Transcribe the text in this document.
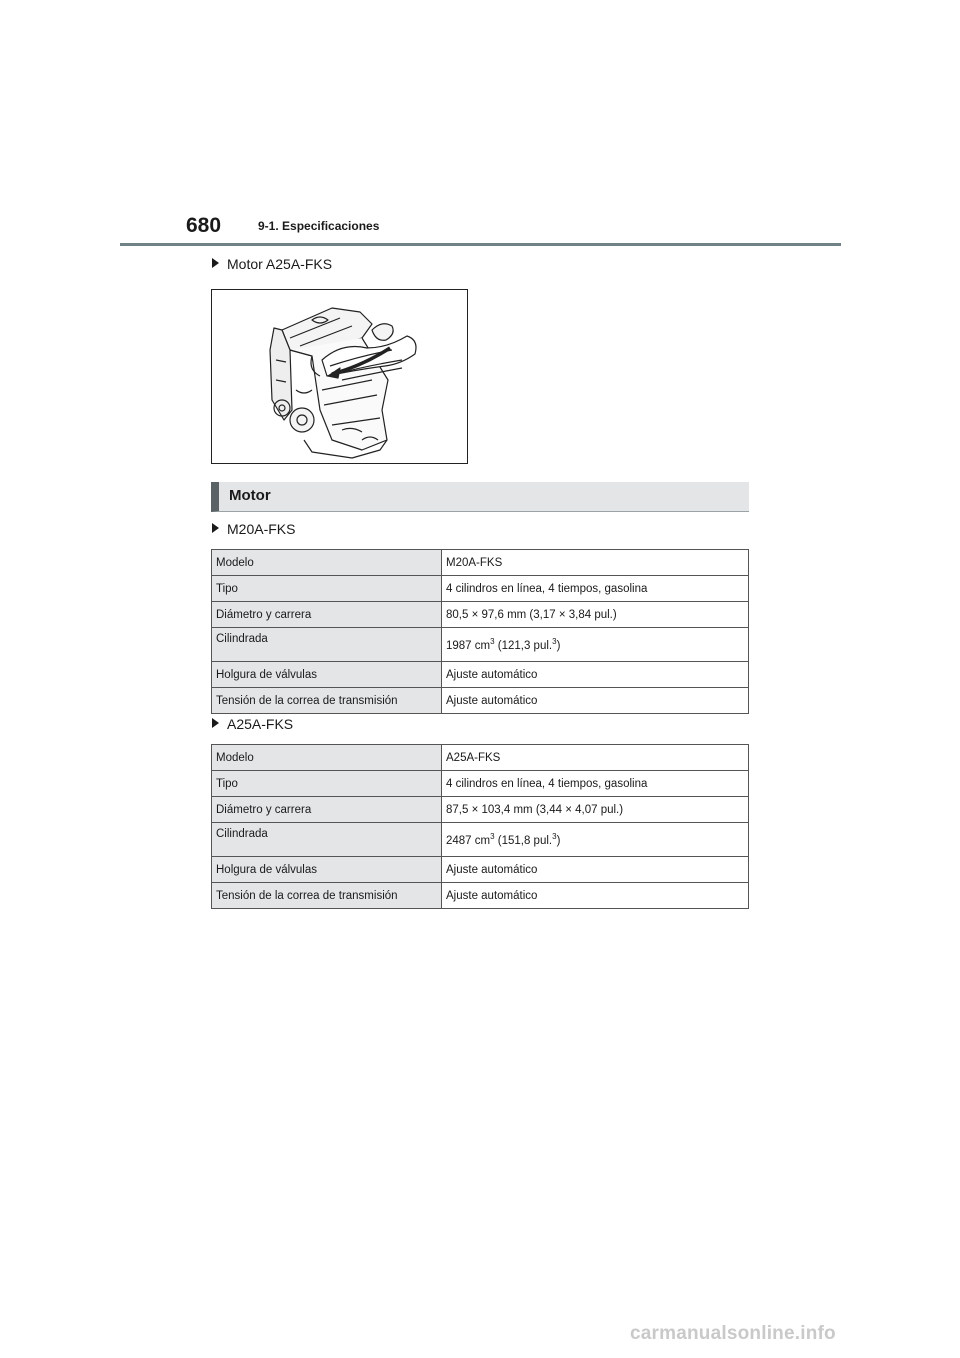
680	9-1. Especificaciones
Motor A25A-FKS
Motor
M20A-FKS
Modelo	M20A-FKS
Tipo	4 cilindros en línea, 4 tiempos, gasolina
Diámetro y carrera	80,5 × 97,6 mm (3,17 × 3,84 pul.)
Cilindrada	1987 $cm^3$ (121,3 pul.$^3$)
Holgura de válvulas	Ajuste automático
Tensión de la correa de transmisión	Ajuste automático
A25A-FKS
Modelo	A25A-FKS
Tipo	4 cilindros en línea, 4 tiempos, gasolina
Diámetro y carrera	87,5 × 103,4 mm (3,44 × 4,07 pul.)
Cilindrada	2487 $cm^3$ (151,8 pul.$^3$)
Holgura de válvulas	Ajuste automático
Tensión de la correa de transmisión	Ajuste automático
carmanualsonline.info
